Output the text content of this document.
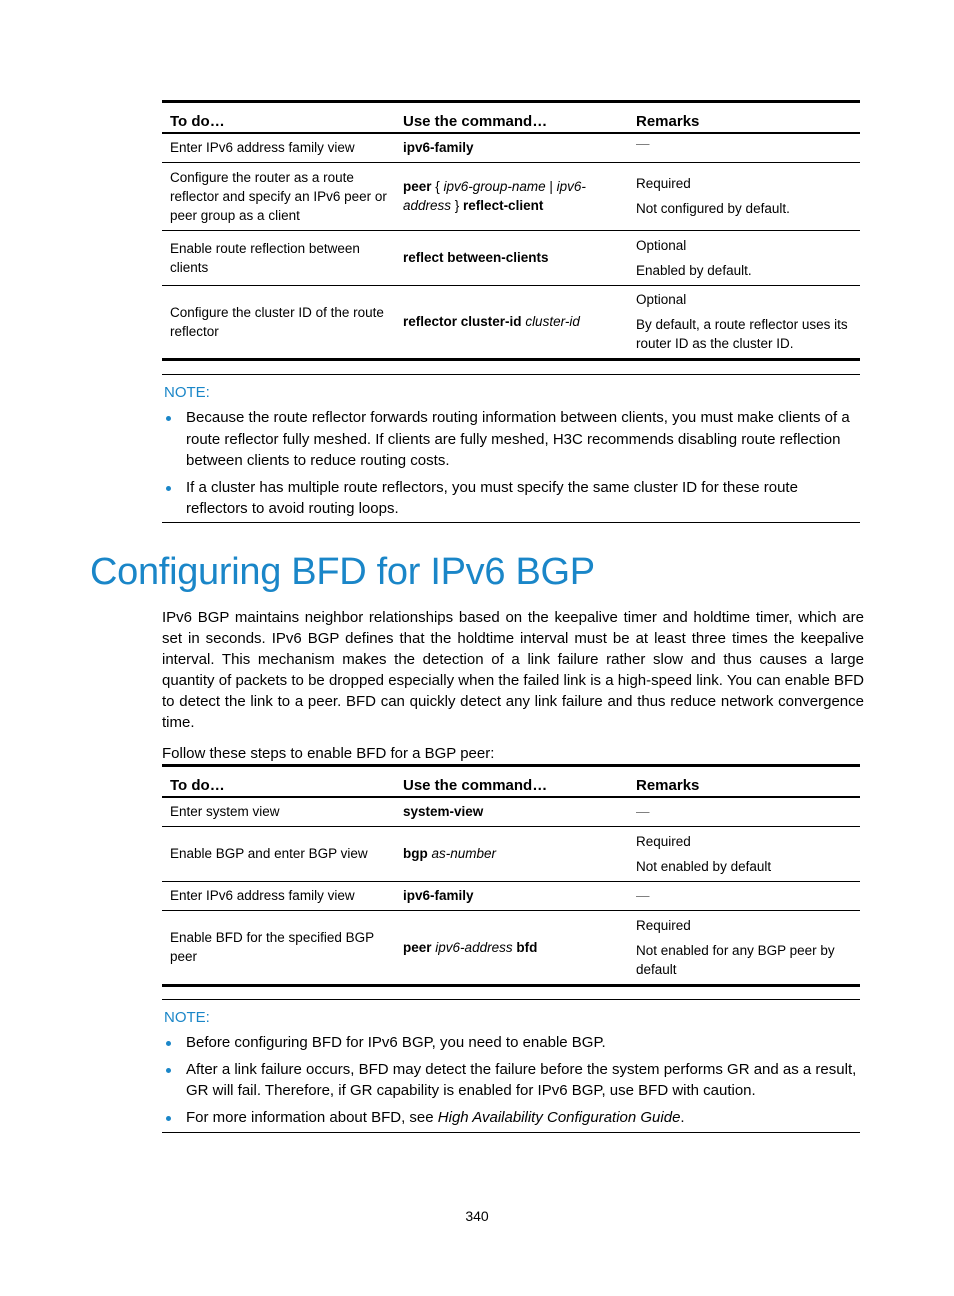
To do…	Use the command…	Remarks
Enter IPv6 address family view	ipv6-family	—

Configure the router as a route reflector and specify an IPv6 peer or peer group as a client	peer { ipv6-group-name | ipv6-address } reflect-client	Required

Not configured by default.

Enable route reflection between clients	reflect between-clients	Optional

Enabled by default.

Configure the cluster ID of the route reflector	reflector cluster-id cluster-id	Optional

By default, a route reflector uses its router ID as the cluster ID.

NOTE:
Because the route reflector forwards routing information between clients, you must make clients of a route reflector fully meshed. If clients are fully meshed, H3C recommends disabling route reflection between clients to reduce routing costs.
If a cluster has multiple route reflectors, you must specify the same cluster ID for these route reflectors to avoid routing loops.
Configuring BFD for IPv6 BGP

IPv6 BGP maintains neighbor relationships based on the keepalive timer and holdtime timer, which are set in seconds. IPv6 BGP defines that the holdtime interval must be at least three times the keepalive interval. This mechanism makes the detection of a link failure rather slow and thus causes a large quantity of packets to be dropped especially when the failed link is a high-speed link. You can enable BFD to detect the link to a peer. BFD can quickly detect any link failure and thus reduce network convergence time.

Follow these steps to enable BFD for a BGP peer:

To do…	Use the command…	Remarks
Enter system view	system-view	—

Enable BGP and enter BGP view	bgp as-number	Required

Not enabled by default

Enter IPv6 address family view	ipv6-family	—

Enable BFD for the specified BGP peer	peer ipv6-address bfd	Required

Not enabled for any BGP peer by default

NOTE:
Before configuring BFD for IPv6 BGP, you need to enable BGP.
After a link failure occurs, BFD may detect the failure before the system performs GR and as a result, GR will fail. Therefore, if GR capability is enabled for IPv6 BGP, use BFD with caution.
For more information about BFD, see High Availability Configuration Guide.
340
